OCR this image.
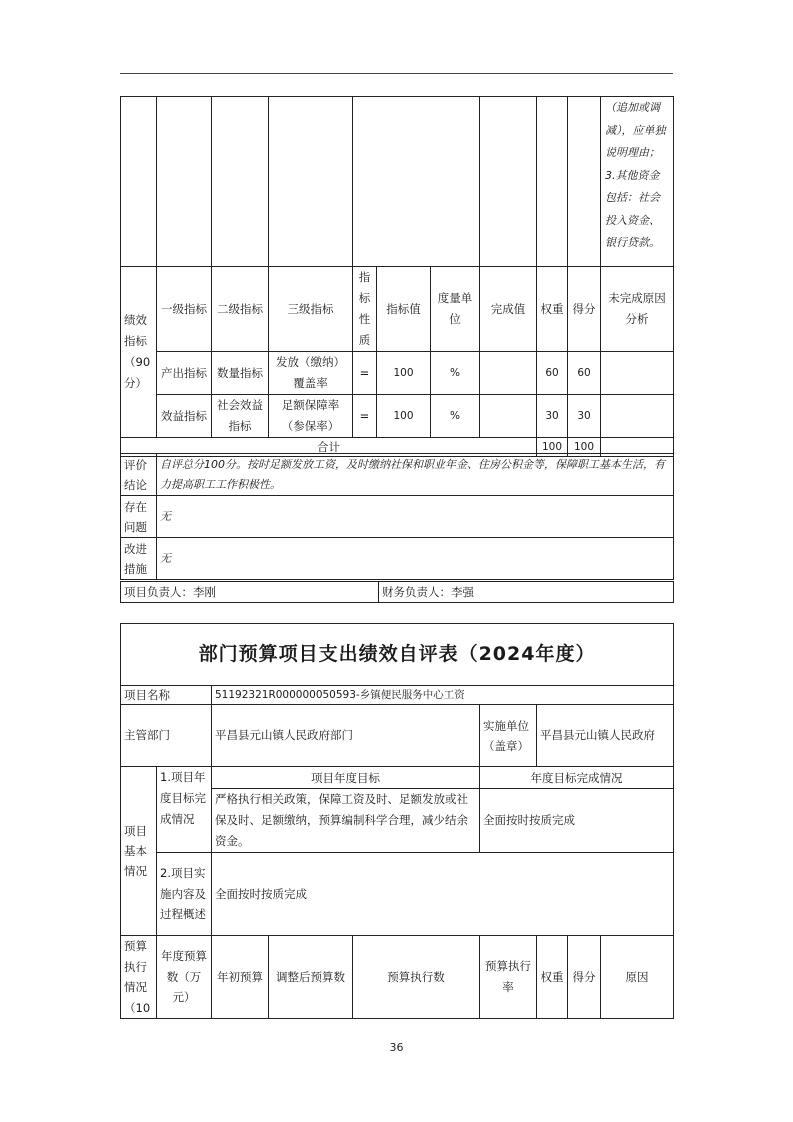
										（追加或调减），应单独说明理由；3.其他资金包括：社会投入资金、银行贷款。
绩效指标（90分）	一级指标	二级指标	三级指标	指标性质	指标值	度量单位	完成值	权重	得分	未完成原因分析
	产出指标	数量指标	发放（缴纳）覆盖率	=	100	%		60	60	
	效益指标	社会效益指标	足额保障率（参保率）	=	100	%		30	30	
合计								100	100	
评价结论	自评总分100分。按时足额发放工资，及时缴纳社保和职业年金、住房公积金等，保障职工基本生活，有力提高职工工作积极性。
存在问题	无
改进措施	无
项目负责人：李刚	财务负责人：李强
部门预算项目支出绩效自评表（2024年度）								
项目名称		51192321R000000050593-乡镇便民服务中心工资						
主管部门		平昌县元山镇人民政府部门			实施单位（盖章）	平昌县元山镇人民政府		
项目基本情况	1.项目年度目标完成情况	项目年度目标			年度目标完成情况			
		严格执行相关政策，保障工资及时、足额发放或社保及时、足额缴纳，预算编制科学合理，减少结余资金。			全面按时按质完成			
	2.项目实施内容及过程概述	全面按时按质完成						
预算执行情况（10	年度预算数（万元）	年初预算	调整后预算数	预算执行数	预算执行率	权重	得分	原因
36
